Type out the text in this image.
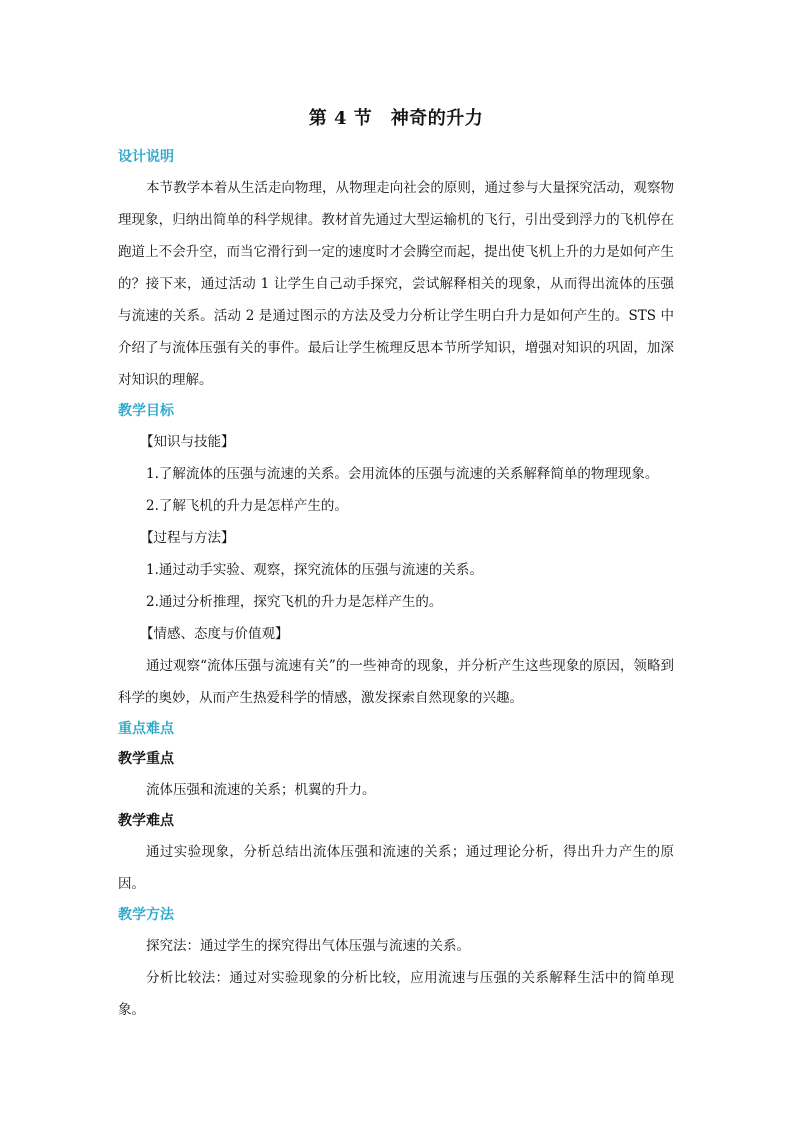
第 4 节　神奇的升力
设计说明

本节教学本着从生活走向物理，从物理走向社会的原则，通过参与大量探究活动，观察物理现象，归纳出简单的科学规律。教材首先通过大型运输机的飞行，引出受到浮力的飞机停在跑道上不会升空，而当它滑行到一定的速度时才会腾空而起，提出使飞机上升的力是如何产生的？接下来，通过活动 1 让学生自己动手探究，尝试解释相关的现象，从而得出流体的压强与流速的关系。活动 2 是通过图示的方法及受力分析让学生明白升力是如何产生的。STS 中介绍了与流体压强有关的事件。最后让学生梳理反思本节所学知识，增强对知识的巩固，加深对知识的理解。

教学目标

【知识与技能】

1.了解流体的压强与流速的关系。会用流体的压强与流速的关系解释简单的物理现象。

2.了解飞机的升力是怎样产生的。

【过程与方法】

1.通过动手实验、观察，探究流体的压强与流速的关系。

2.通过分析推理，探究飞机的升力是怎样产生的。

【情感、态度与价值观】

通过观察“流体压强与流速有关”的一些神奇的现象，并分析产生这些现象的原因，领略到科学的奥妙，从而产生热爱科学的情感，激发探索自然现象的兴趣。

重点难点
教学重点

流体压强和流速的关系；机翼的升力。

教学难点

通过实验现象，分析总结出流体压强和流速的关系；通过理论分析，得出升力产生的原因。

教学方法

探究法：通过学生的探究得出气体压强与流速的关系。

分析比较法：通过对实验现象的分析比较，应用流速与压强的关系解释生活中的简单现象。
